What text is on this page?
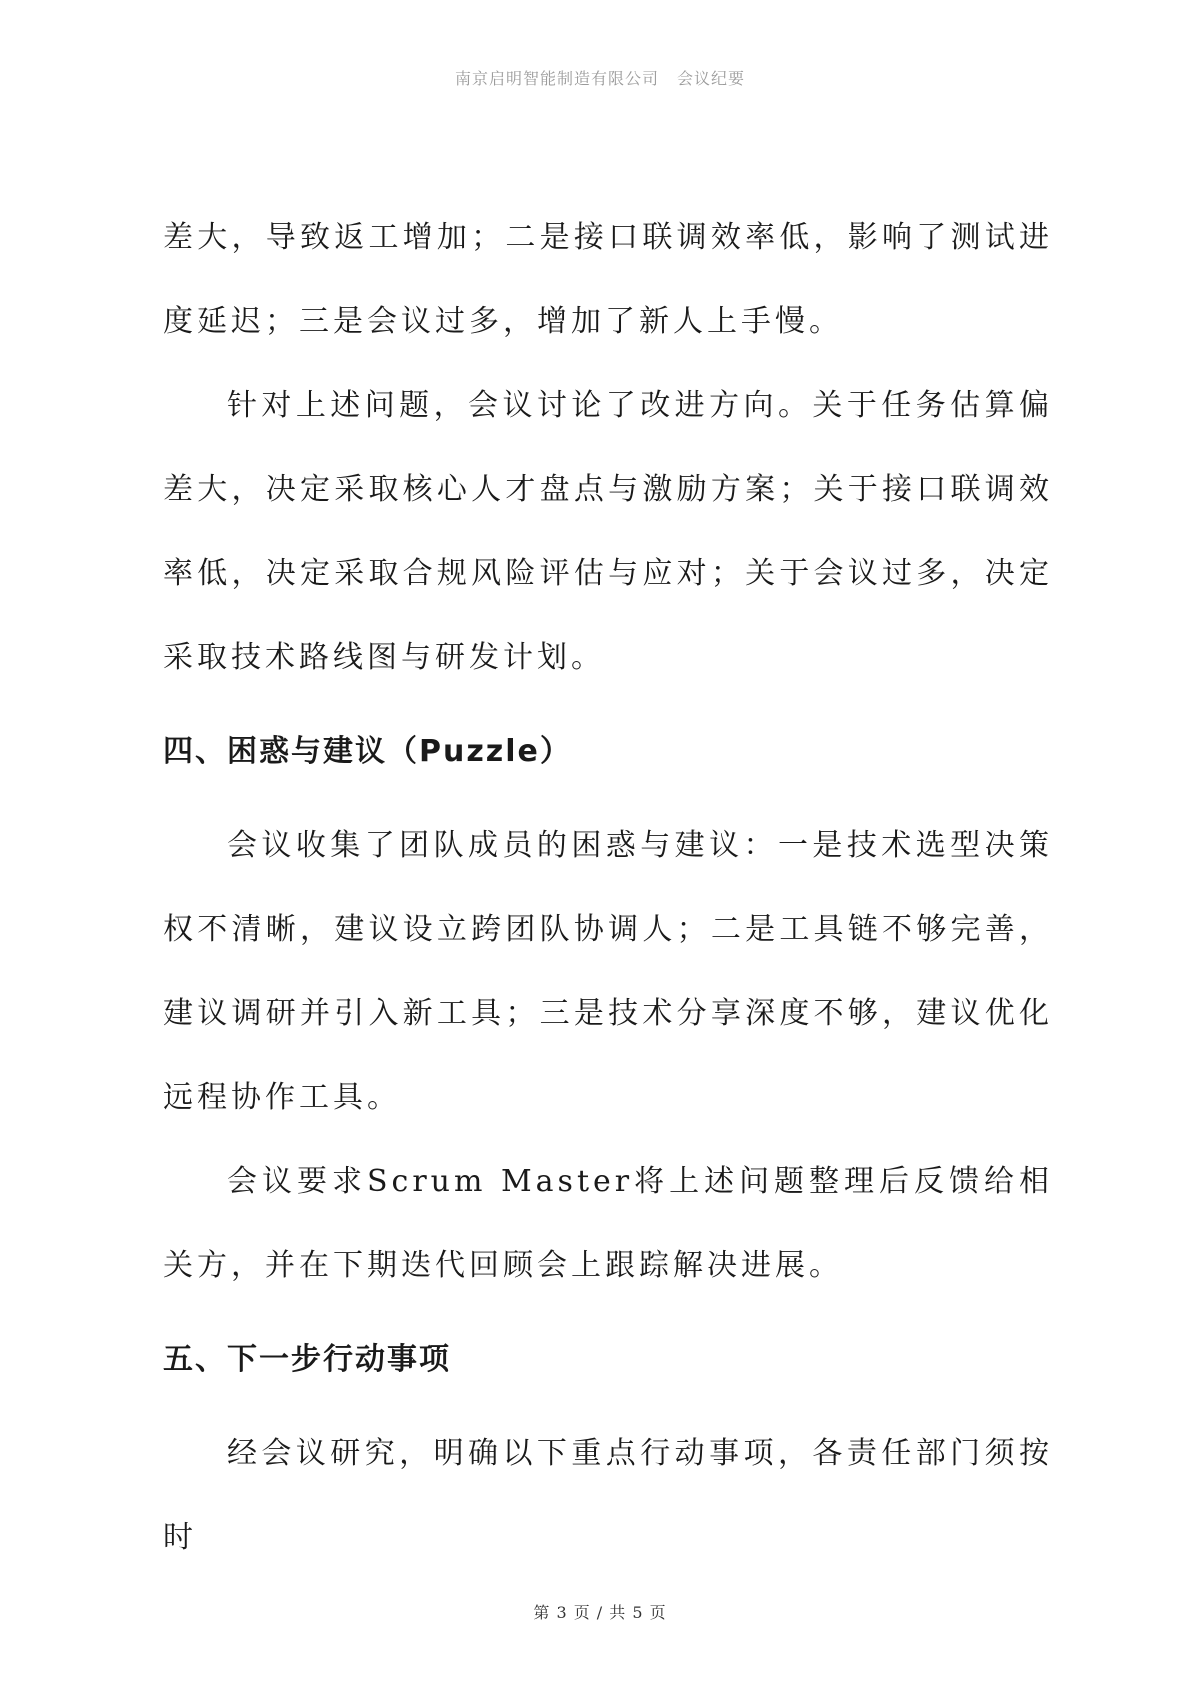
南京启明智能制造有限公司 会议纪要

差大，导致返工增加；二是接口联调效率低，影响了测试进度延迟；三是会议过多，增加了新人上手慢。

针对上述问题，会议讨论了改进方向。关于任务估算偏差大，决定采取核心人才盘点与激励方案；关于接口联调效率低，决定采取合规风险评估与应对；关于会议过多，决定采取技术路线图与研发计划。

四、困惑与建议（Puzzle）

会议收集了团队成员的困惑与建议：一是技术选型决策权不清晰，建议设立跨团队协调人；二是工具链不够完善，建议调研并引入新工具；三是技术分享深度不够，建议优化远程协作工具。

会议要求Scrum Master将上述问题整理后反馈给相关方，并在下期迭代回顾会上跟踪解决进展。

五、下一步行动事项

经会议研究，明确以下重点行动事项，各责任部门须按时

第 3 页 / 共 5 页
